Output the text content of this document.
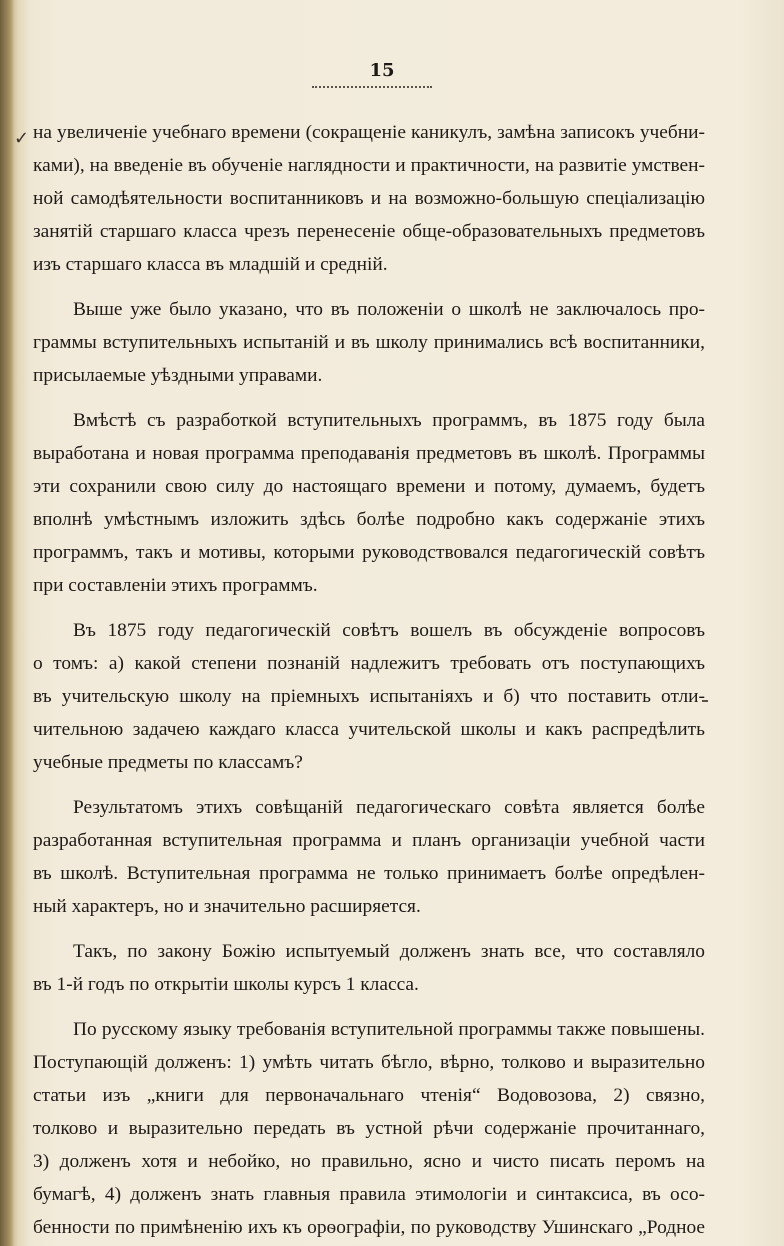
15
✓ на увеличеніе учебнаго времени (сокращеніе каникулъ, замѣна записокъ учебни-
ками), на введеніе въ обученіе наглядности и практичности, на развитіе умствен-
ной самодѣятельности воспитанниковъ и на возможно-большую спеціализацію
занятій старшаго класса чрезъ перенесеніе обще-образовательныхъ предметовъ
изъ старшаго класса въ младшій и средній.
Выше уже было указано, что въ положеніи о школѣ не заключалось про-
граммы вступительныхъ испытаній и въ школу принимались всѣ воспитанники,
присылаемые уѣздными управами.
Вмѣстѣ съ разработкой вступительныхъ программъ, въ 1875 году была
выработана и новая программа преподаванія предметовъ въ школѣ. Программы
эти сохранили свою силу до настоящаго времени и потому, думаемъ, будетъ
вполнѣ умѣстнымъ изложить здѣсь болѣе подробно какъ содержаніе этихъ
программъ, такъ и мотивы, которыми руководствовался педагогическій совѣтъ
при составленіи этихъ программъ.
Въ 1875 году педагогическій совѣтъ вошелъ въ обсужденіе вопросовъ
о томъ: а) какой степени познаній надлежитъ требовать отъ поступающихъ
въ учительскую школу на пріемныхъ испытаніяхъ и б) что поставить отли-
чительною задачею каждаго класса учительской школы и какъ распредѣлить
учебные предметы по классамъ?
Результатомъ этихъ совѣщаній педагогическаго совѣта является болѣе
разработанная вступительная программа и планъ организаціи учебной части
въ школѣ. Вступительная программа не только принимаетъ болѣе опредѣлен-
ный характеръ, но и значительно расширяется.
Такъ, по закону Божію испытуемый долженъ знать все, что составляло
въ 1-й годъ по открытіи школы курсъ 1 класса.
По русскому языку требованія вступительной программы также повышены.
Поступающій долженъ: 1) умѣть читать бѣгло, вѣрно, толково и выразительно
статьи изъ „книги для первоначальнаго чтенія“ Водовозова, 2) связно,
толково и выразительно передать въ устной рѣчи содержаніе прочитаннаго,
3) долженъ хотя и небойко, но правильно, ясно и чисто писать перомъ на
бумагѣ, 4) долженъ знать главныя правила этимологіи и синтаксиса, въ осо-
бенности по примѣненію ихъ къ орѳографіи, по руководству Ушинскаго „Родное
